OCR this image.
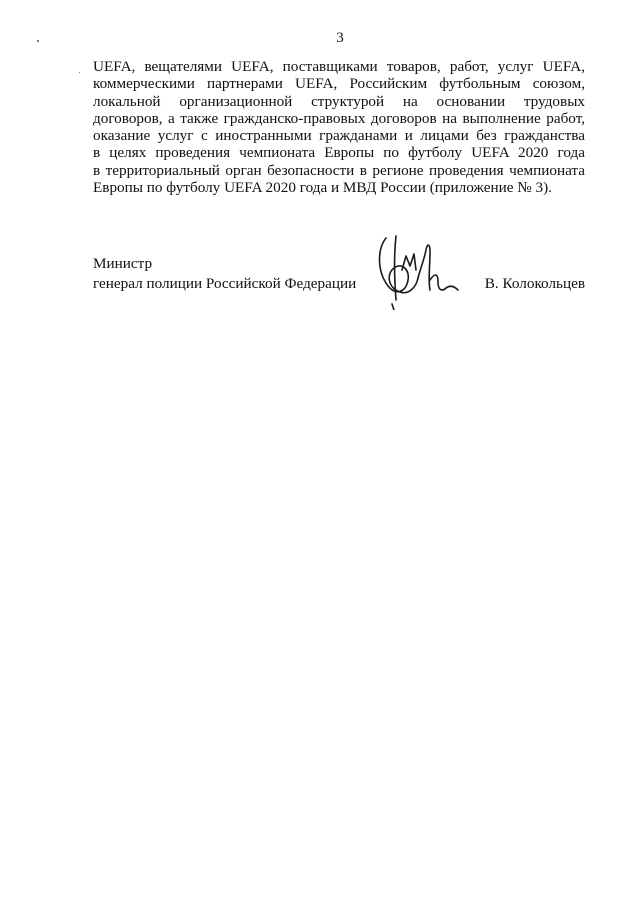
3

UEFA, вещателями UEFA, поставщиками товаров, работ, услуг UEFA,
коммерческими партнерами UEFA, Российским футбольным союзом,
локальной организационной структурой на основании трудовых
договоров, а также гражданско-правовых договоров на выполнение работ,
оказание услуг с иностранными гражданами и лицами без гражданства
в целях проведения чемпионата Европы по футболу UEFA 2020 года
в территориальный орган безопасности в регионе проведения чемпионата
Европы по футболу UEFA 2020 года и МВД России (приложение № 3).

Министр
генерал полиции Российской Федерации	В. Колокольцев
